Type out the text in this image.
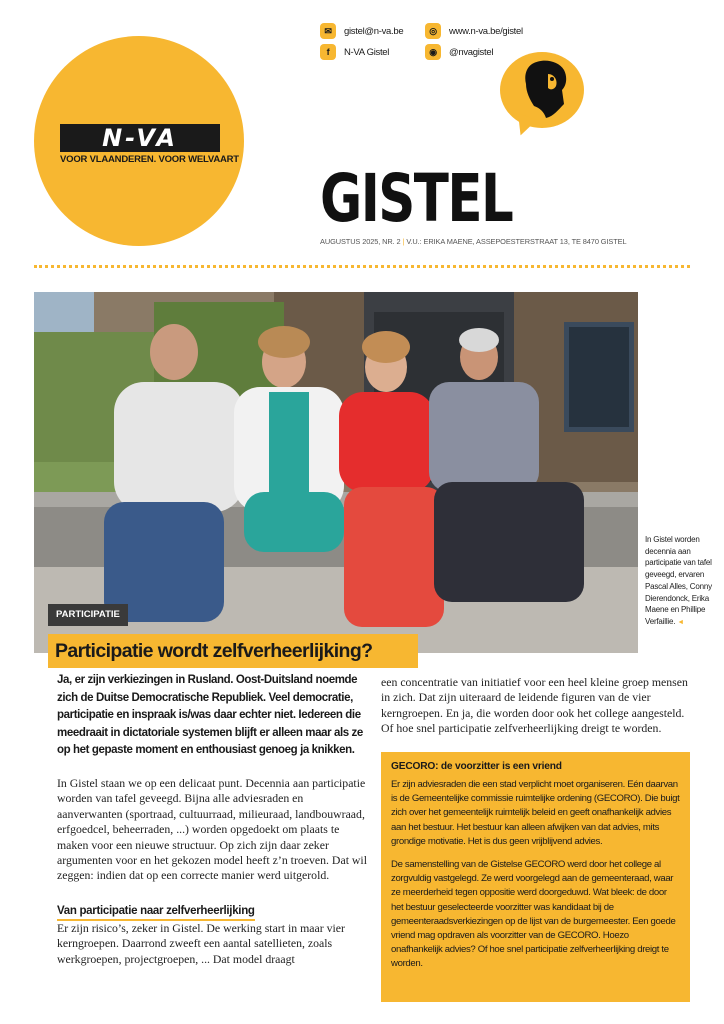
N-VA
VOOR VLAANDEREN. VOOR WELVAART
✉	gistel@n-va.be	◎	www.n-va.be/gistel
f	N-VA Gistel	◉	@nvagistel
GISTEL
AUGUSTUS 2025, NR. 2 | V.U.: ERIKA MAENE, ASSEPOESTERSTRAAT 13, TE 8470 GISTEL
In Gistel worden decennia aan participatie van tafel geveegd, ervaren Pascal Alles, Conny Dierendonck, Erika Maene en Phillipe Verfaillie. ◄
PARTICIPATIE
Participatie wordt zelfverheerlijking?

Ja, er zijn verkiezingen in Rusland. Oost-Duitsland noemde zich de Duitse Democratische Republiek. Veel democratie, participatie en inspraak is/was daar echter niet. Iedereen die meedraait in dictatoriale systemen blijft er alleen maar als ze op het gepaste moment en enthousiast genoeg ja knikken.

In Gistel staan we op een delicaat punt. Decennia aan participatie worden van tafel geveegd. Bijna alle adviesraden en aanverwanten (sportraad, cultuurraad, milieuraad, landbouwraad, erfgoedcel, beheerraden, ...) worden opgedoekt om plaats te maken voor een nieuwe structuur. Op zich zijn daar zeker argumenten voor en het gekozen model heeft z’n troeven. Dat wil zeggen: indien dat op een correcte manier werd uitgerold.

Van participatie naar zelfverheerlijking

Er zijn risico’s, zeker in Gistel. De werking start in maar vier kerngroepen. Daarrond zweeft een aantal satellieten, zoals werkgroepen, projectgroepen, ... Dat model draagt

een concentratie van initiatief voor een heel kleine groep mensen in zich. Dat zijn uiteraard de leidende figuren van de vier kerngroepen. En ja, die worden door ook het college aangesteld. Of hoe snel participatie zelfverheerlijking dreigt te worden.

GECORO: de voorzitter is een vriend

Er zijn adviesraden die een stad verplicht moet organiseren. Eén daarvan is de Gemeentelijke commissie ruimtelijke ordening (GECORO). Die buigt zich over het gemeentelijk ruimtelijk beleid en geeft onafhankelijk advies aan het bestuur. Het bestuur kan alleen afwijken van dat advies, mits grondige motivatie. Het is dus geen vrijblijvend advies.

De samenstelling van de Gistelse GECORO werd door het college al zorgvuldig vastgelegd. Ze werd voorgelegd aan de gemeenteraad, waar ze meerderheid tegen oppositie werd doorgeduwd. Wat bleek: de door het bestuur geselecteerde voorzitter was kandidaat bij de gemeenteraadsverkiezingen op de lijst van de burgemeester. Een goede vriend mag opdraven als voorzitter van de GECORO. Hoezo onafhankelijk advies? Of hoe snel participatie zelfverheerlijking dreigt te worden.
